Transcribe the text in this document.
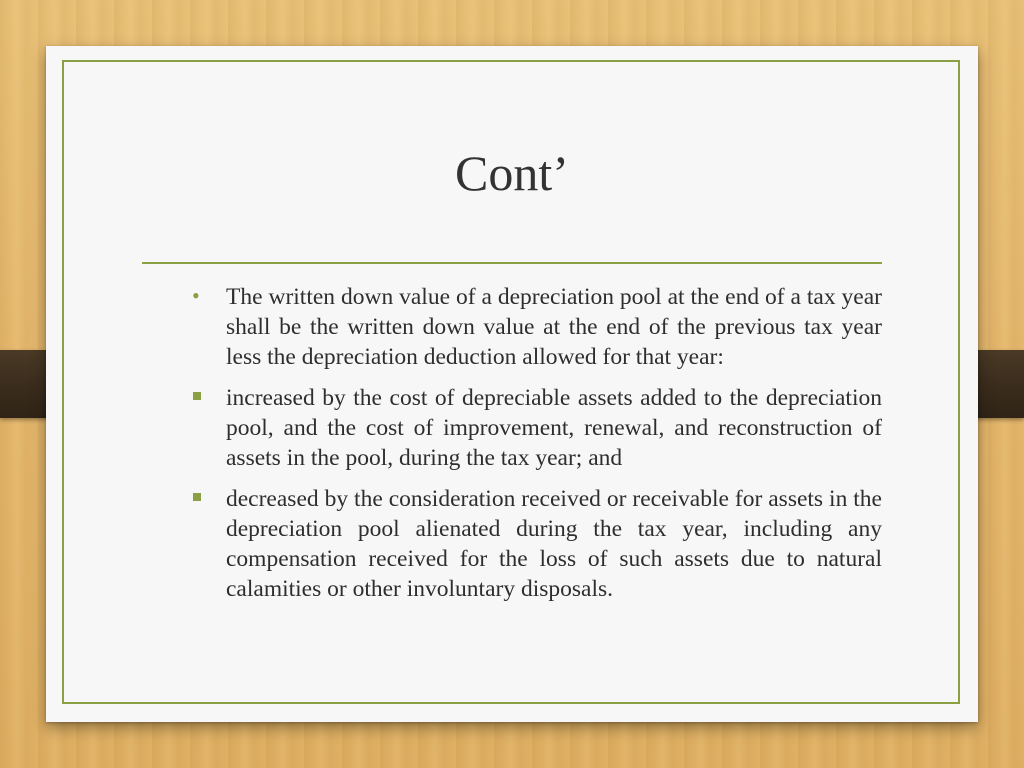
Cont’
• The written down value of a depreciation pool at the end of a tax year shall be the written down value at the end of the previous tax year less the depreciation deduction allowed for that year:
increased by the cost of depreciable assets added to the depreciation pool, and the cost of improvement, renewal, and reconstruction of assets in the pool, during the tax year; and
decreased by the consideration received or receivable for assets in the depreciation pool alienated during the tax year, including any compensation received for the loss of such assets due to natural calamities or other involuntary disposals.
